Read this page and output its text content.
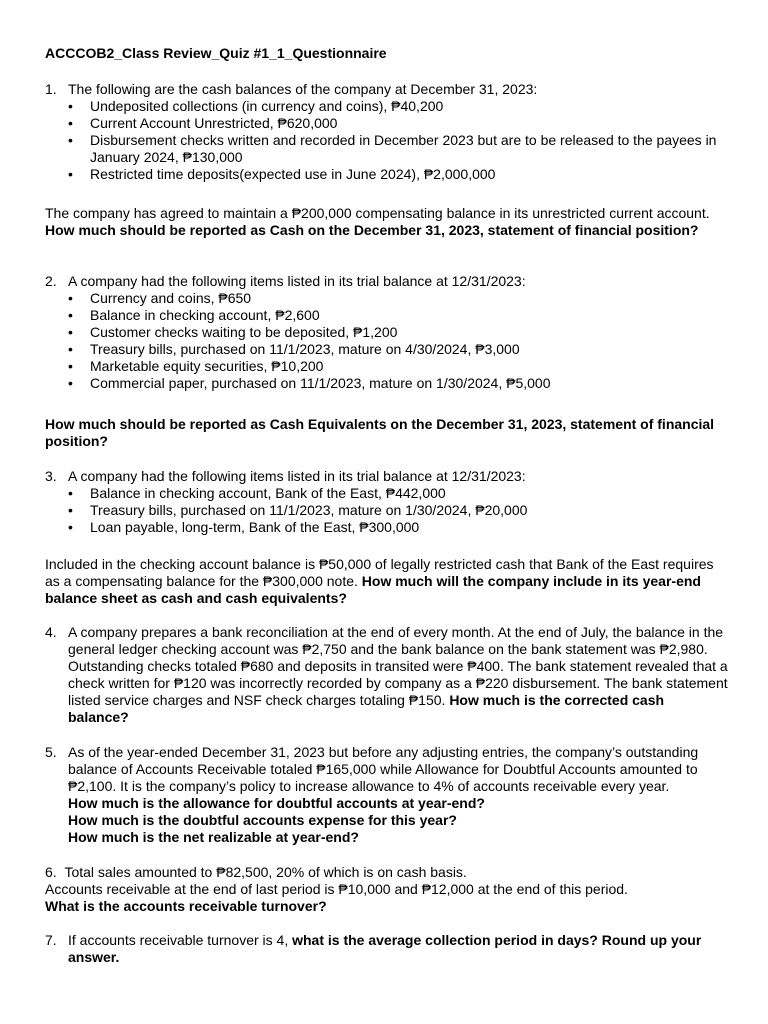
ACCCOB2_Class Review_Quiz #1_1_Questionnaire
1. The following are the cash balances of the company at December 31, 2023:

• Undeposited collections (in currency and coins), ₱40,200
• Current Account Unrestricted, ₱620,000
• Disbursement checks written and recorded in December 2023 but are to be released to the payees in January 2024, ₱130,000
• Restricted time deposits(expected use in June 2024), ₱2,000,000

The company has agreed to maintain a ₱200,000 compensating balance in its unrestricted current account. How much should be reported as Cash on the December 31, 2023, statement of financial position?

2. A company had the following items listed in its trial balance at 12/31/2023:

• Currency and coins, ₱650
• Balance in checking account, ₱2,600
• Customer checks waiting to be deposited, ₱1,200
• Treasury bills, purchased on 11/1/2023, mature on 4/30/2024, ₱3,000
• Marketable equity securities, ₱10,200
• Commercial paper, purchased on 11/1/2023, mature on 1/30/2024, ₱5,000

How much should be reported as Cash Equivalents on the December 31, 2023, statement of financial position?

3. A company had the following items listed in its trial balance at 12/31/2023:

• Balance in checking account, Bank of the East, ₱442,000
• Treasury bills, purchased on 11/1/2023, mature on 1/30/2024, ₱20,000
• Loan payable, long-term, Bank of the East, ₱300,000

Included in the checking account balance is ₱50,000 of legally restricted cash that Bank of the East requires as a compensating balance for the ₱300,000 note. How much will the company include in its year-end balance sheet as cash and cash equivalents?

4. A company prepares a bank reconciliation at the end of every month. At the end of July, the balance in the general ledger checking account was ₱2,750 and the bank balance on the bank statement was ₱2,980. Outstanding checks totaled ₱680 and deposits in transited were ₱400. The bank statement revealed that a check written for ₱120 was incorrectly recorded by company as a ₱220 disbursement. The bank statement listed service charges and NSF check charges totaling ₱150. How much is the corrected cash balance?

5. As of the year-ended December 31, 2023 but before any adjusting entries, the company’s outstanding balance of Accounts Receivable totaled ₱165,000 while Allowance for Doubtful Accounts amounted to ₱2,100. It is the company’s policy to increase allowance to 4% of accounts receivable every year.

How much is the allowance for doubtful accounts at year-end?

How much is the doubtful accounts expense for this year?

How much is the net realizable at year-end?

6. Total sales amounted to ₱82,500, 20% of which is on cash basis.

Accounts receivable at the end of last period is ₱10,000 and ₱12,000 at the end of this period.

What is the accounts receivable turnover?

7. If accounts receivable turnover is 4, what is the average collection period in days? Round up your answer.
